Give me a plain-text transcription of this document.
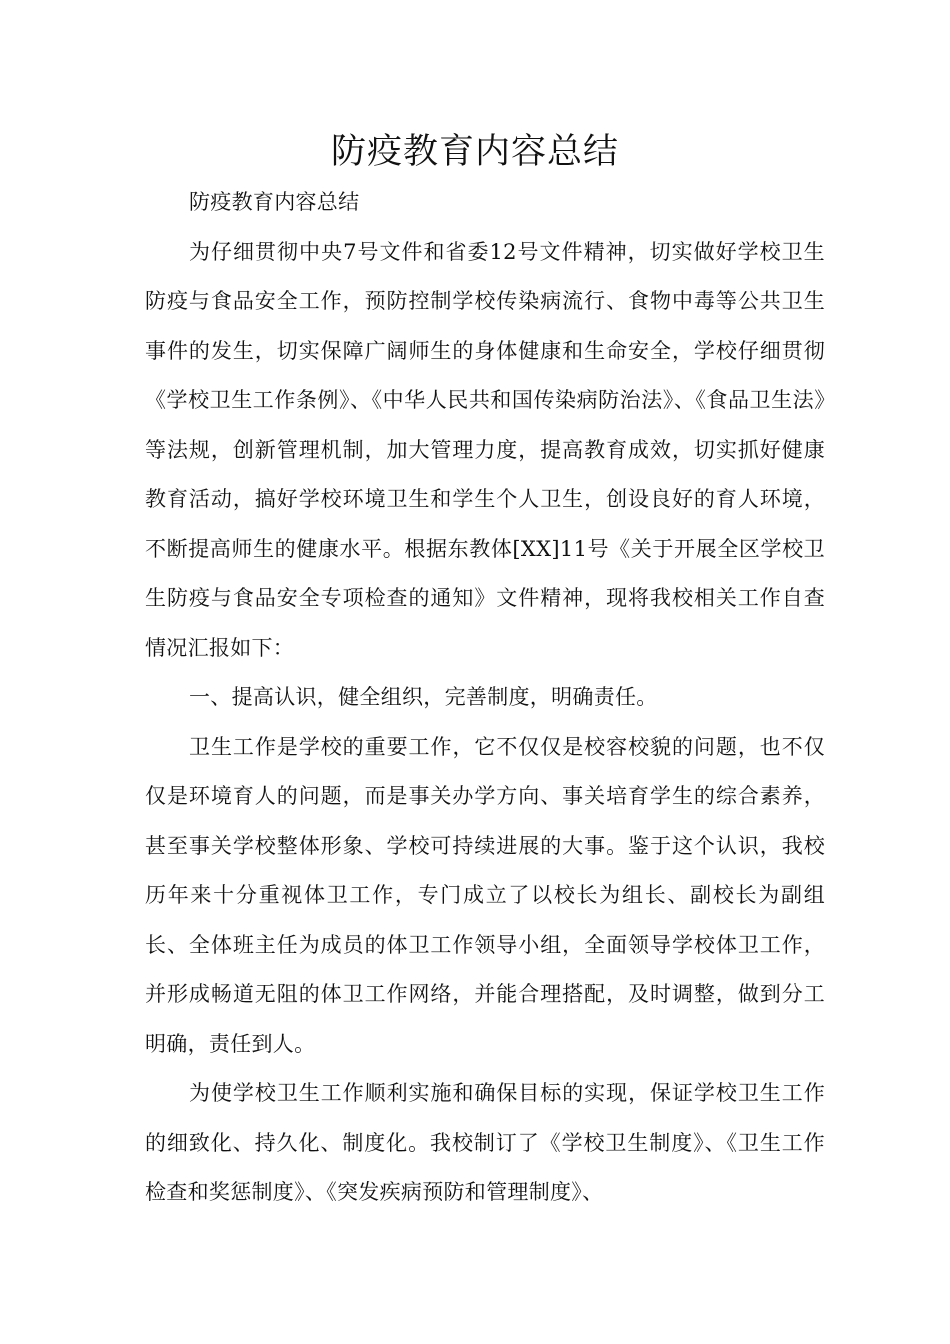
防疫教育内容总结

防疫教育内容总结

为仔细贯彻中央7号文件和省委12号文件精神，切实做好学校卫生防疫与食品安全工作，预防控制学校传染病流行、食物中毒等公共卫生事件的发生，切实保障广阔师生的身体健康和生命安全，学校仔细贯彻《学校卫生工作条例》、《中华人民共和国传染病防治法》、《食品卫生法》等法规，创新管理机制，加大管理力度，提高教育成效，切实抓好健康教育活动，搞好学校环境卫生和学生个人卫生，创设良好的育人环境，不断提高师生的健康水平。根据东教体[XX]11号《关于开展全区学校卫生防疫与食品安全专项检查的通知》文件精神，现将我校相关工作自查情况汇报如下：

一、提高认识，健全组织，完善制度，明确责任。

卫生工作是学校的重要工作，它不仅仅是校容校貌的问题，也不仅仅是环境育人的问题，而是事关办学方向、事关培育学生的综合素养，甚至事关学校整体形象、学校可持续进展的大事。鉴于这个认识，我校历年来十分重视体卫工作，专门成立了以校长为组长、副校长为副组长、全体班主任为成员的体卫工作领导小组，全面领导学校体卫工作，并形成畅道无阻的体卫工作网络，并能合理搭配，及时调整，做到分工明确，责任到人。

为使学校卫生工作顺利实施和确保目标的实现，保证学校卫生工作的细致化、持久化、制度化。我校制订了《学校卫生制度》、《卫生工作检查和奖惩制度》、《突发疾病预防和管理制度》、
